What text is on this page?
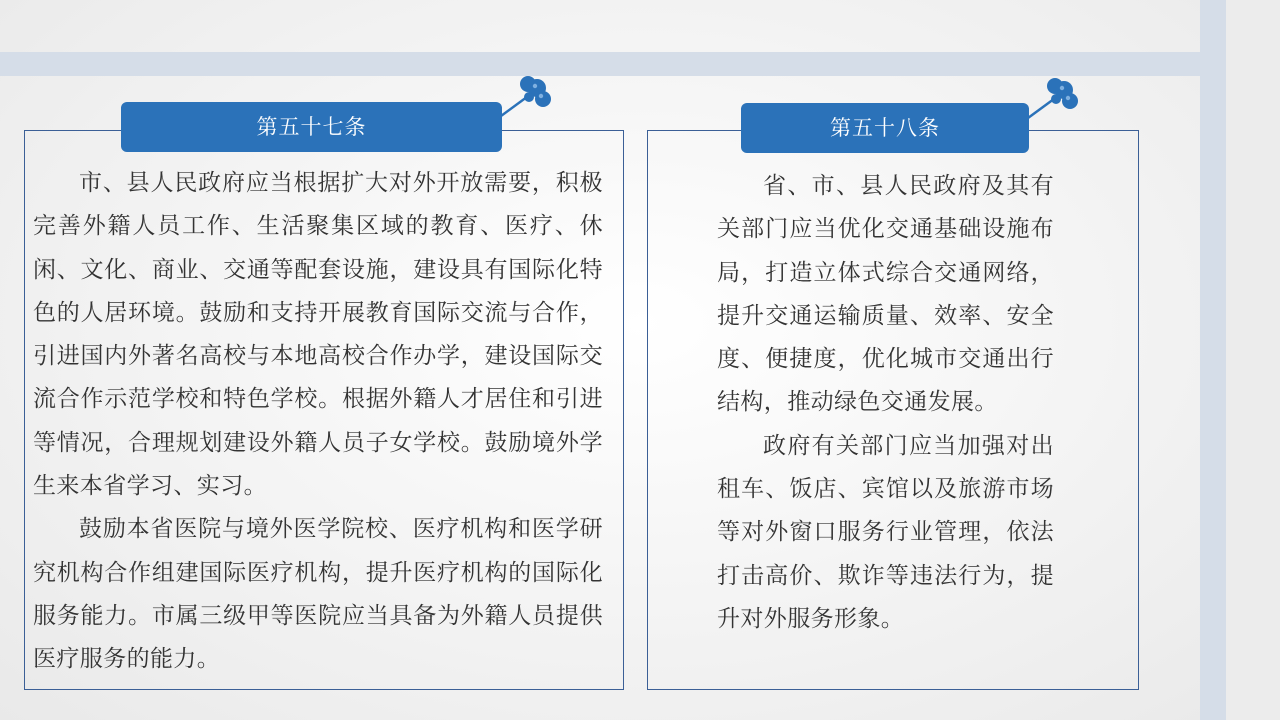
第五十七条

市、县人民政府应当根据扩大对外开放需要，积极完善外籍人员工作、生活聚集区域的教育、医疗、休闲、文化、商业、交通等配套设施，建设具有国际化特色的人居环境。鼓励和支持开展教育国际交流与合作，引进国内外著名高校与本地高校合作办学，建设国际交流合作示范学校和特色学校。根据外籍人才居住和引进等情况，合理规划建设外籍人员子女学校。鼓励境外学生来本省学习、实习。

鼓励本省医院与境外医学院校、医疗机构和医学研究机构合作组建国际医疗机构，提升医疗机构的国际化服务能力。市属三级甲等医院应当具备为外籍人员提供医疗服务的能力。

第五十八条

省、市、县人民政府及其有关部门应当优化交通基础设施布局，打造立体式综合交通网络，提升交通运输质量、效率、安全度、便捷度，优化城市交通出行结构，推动绿色交通发展。

政府有关部门应当加强对出租车、饭店、宾馆以及旅游市场等对外窗口服务行业管理，依法打击高价、欺诈等违法行为，提升对外服务形象。
